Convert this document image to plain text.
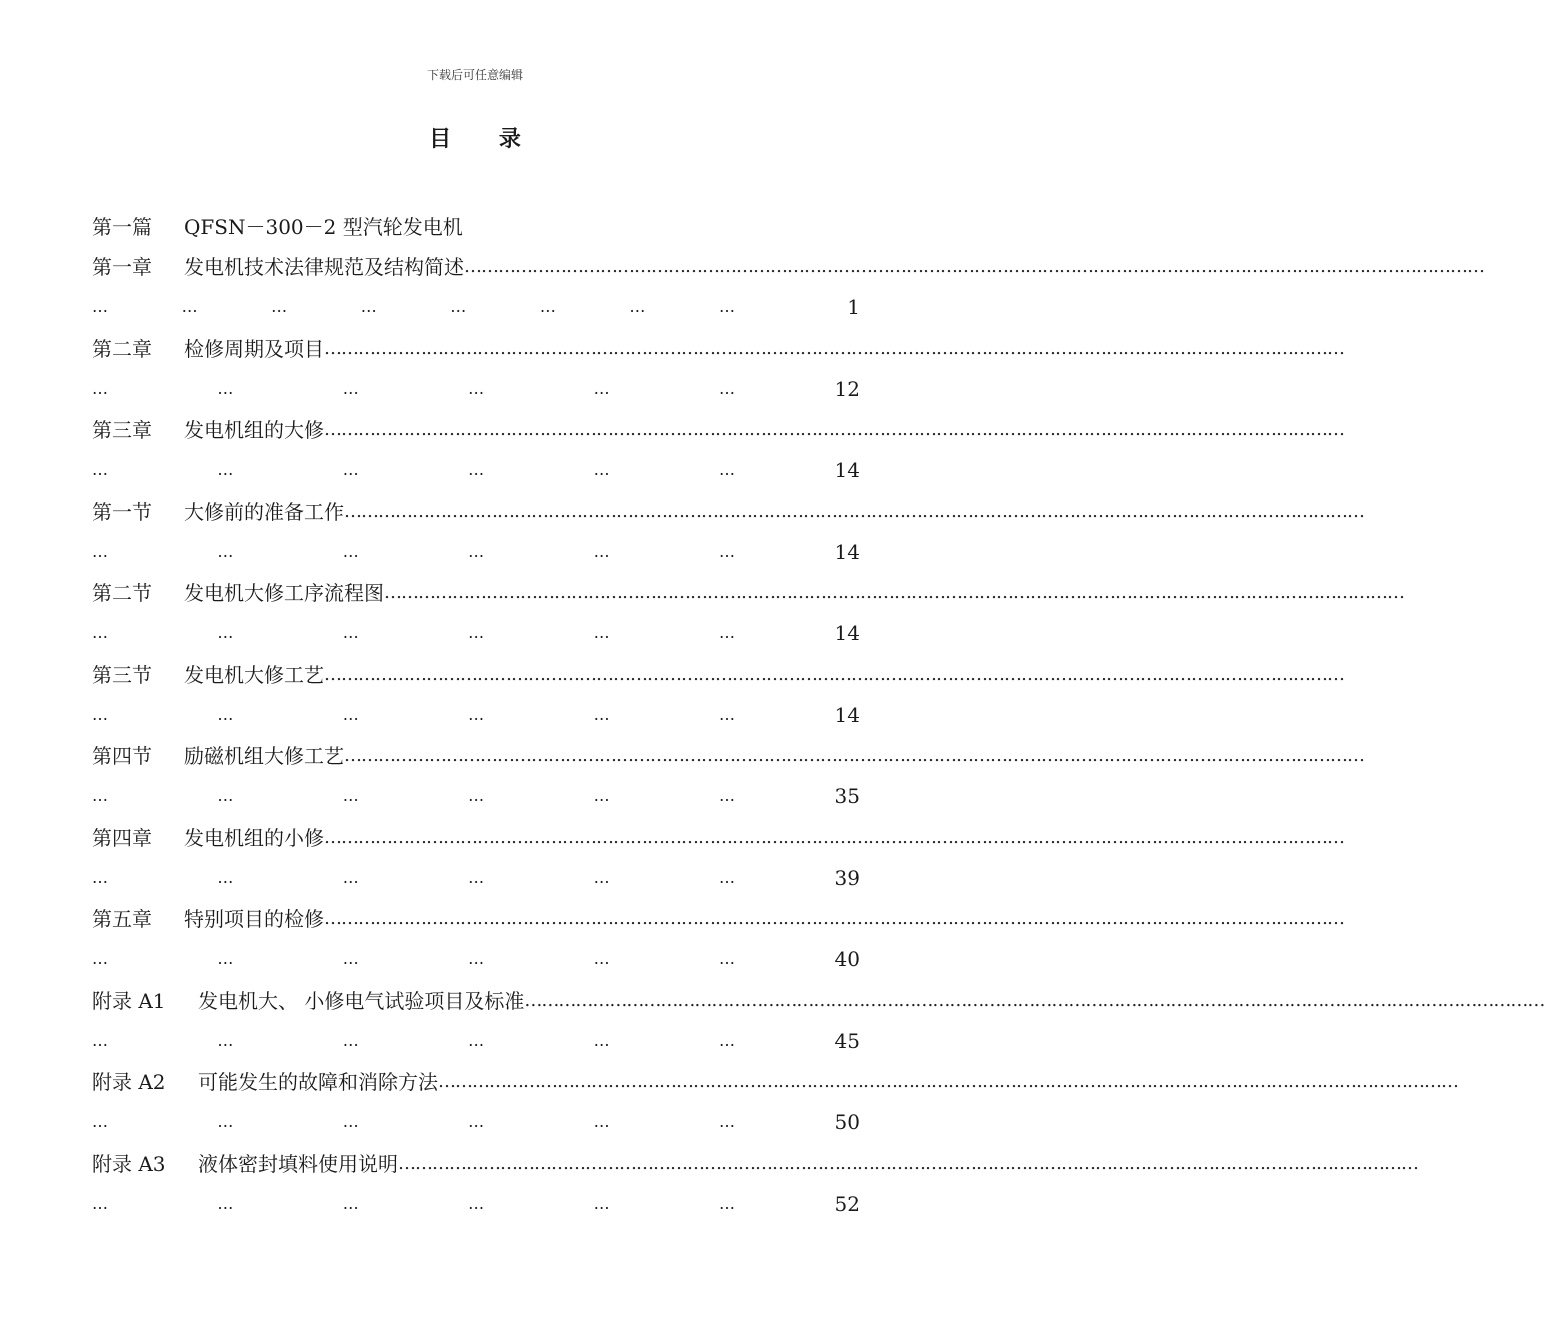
下载后可任意编辑
目 录
第一篇 QFSN－300－2 型汽轮发电机
第一章	发电机技术法律规范及结构简述 ………………………………………………………………………………………………………………………………………………………………
…	…	…	…	…	…	…	…	1
第二章	检修周期及项目 ………………………………………………………………………………………………………………………………………………………………
…	…	…	…	…	…	12
第三章	发电机组的大修 ………………………………………………………………………………………………………………………………………………………………
…	…	…	…	…	…	14
第一节	大修前的准备工作 ………………………………………………………………………………………………………………………………………………………………
…	…	…	…	…	…	14
第二节	发电机大修工序流程图 ………………………………………………………………………………………………………………………………………………………………
…	…	…	…	…	…	14
第三节	发电机大修工艺 ………………………………………………………………………………………………………………………………………………………………
…	…	…	…	…	…	14
第四节	励磁机组大修工艺 ………………………………………………………………………………………………………………………………………………………………
…	…	…	…	…	…	35
第四章	发电机组的小修 ………………………………………………………………………………………………………………………………………………………………
…	…	…	…	…	…	39
第五章	特别项目的检修 ………………………………………………………………………………………………………………………………………………………………
…	…	…	…	…	…	40
附录 A1	发电机大、 小修电气试验项目及标准 ………………………………………………………………………………………………………………………………………………………………
…	…	…	…	…	…	45
附录 A2	可能发生的故障和消除方法 ………………………………………………………………………………………………………………………………………………………………
…	…	…	…	…	…	50
附录 A3	液体密封填料使用说明 ………………………………………………………………………………………………………………………………………………………………
…	…	…	…	…	…	52
